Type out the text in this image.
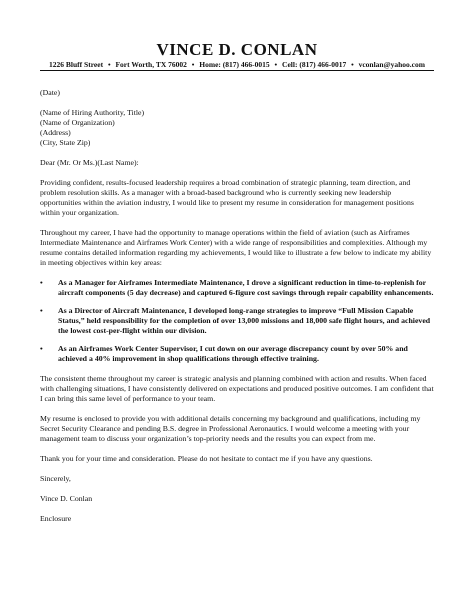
VINCE D. CONLAN
1226 Bluff Street • Fort Worth, TX 76002 • Home: (817) 466-0015 • Cell: (817) 466-0017 • vconlan@yahoo.com

(Date)

(Name of Hiring Authority, Title)
(Name of Organization)
(Address)
(City, State Zip)

Dear (Mr. Or Ms.)(Last Name):

Providing confident, results-focused leadership requires a broad combination of strategic planning, team direction, and problem resolution skills. As a manager with a broad-based background who is currently seeking new leadership opportunities within the aviation industry, I would like to present my resume in consideration for management positions within your organization.

Throughout my career, I have had the opportunity to manage operations within the field of aviation (such as Airframes Intermediate Maintenance and Airframes Work Center) with a wide range of responsibilities and complexities. Although my resume contains detailed information regarding my achievements, I would like to illustrate a few below to indicate my ability in meeting objectives within key areas:

• As a Manager for Airframes Intermediate Maintenance, I drove a significant reduction in time-to-replenish for aircraft components (5 day decrease) and captured 6-figure cost savings through repair capability enhancements.
• As a Director of Aircraft Maintenance, I developed long-range strategies to improve “Full Mission Capable Status,” held responsibility for the completion of over 13,000 missions and 18,000 safe flight hours, and achieved the lowest cost-per-flight within our division.
• As an Airframes Work Center Supervisor, I cut down on our average discrepancy count by over 50% and achieved a 40% improvement in shop qualifications through effective training.

The consistent theme throughout my career is strategic analysis and planning combined with action and results. When faced with challenging situations, I have consistently delivered on expectations and produced positive outcomes. I am confident that I can bring this same level of performance to your team.

My resume is enclosed to provide you with additional details concerning my background and qualifications, including my Secret Security Clearance and pending B.S. degree in Professional Aeronautics. I would welcome a meeting with your management team to discuss your organization’s top-priority needs and the results you can expect from me.

Thank you for your time and consideration. Please do not hesitate to contact me if you have any questions.

Sincerely,

Vince D. Conlan

Enclosure
